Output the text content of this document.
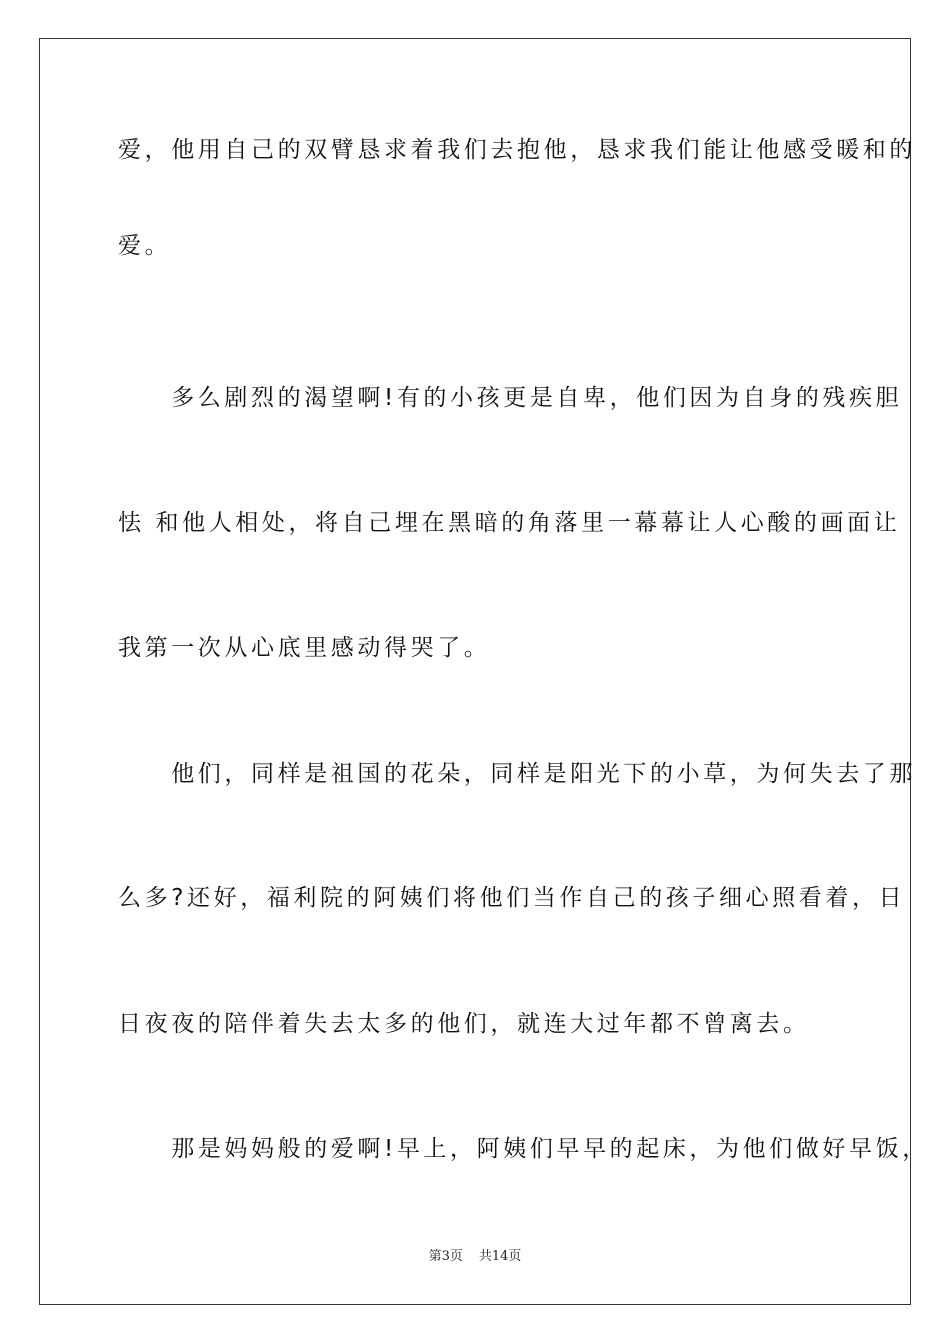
爱，他用自己的双臂恳求着我们去抱他，恳求我们能让他感受暖和的
爱。
　　多么剧烈的渴望啊!有的小孩更是自卑，他们因为自身的残疾胆
怯 和他人相处，将自己埋在黑暗的角落里一幕幕让人心酸的画面让
我第一次从心底里感动得哭了。
　　他们，同样是祖国的花朵，同样是阳光下的小草，为何失去了那
么多?还好，福利院的阿姨们将他们当作自己的孩子细心照看着，日
日夜夜的陪伴着失去太多的他们，就连大过年都不曾离去。
　　那是妈妈般的爱啊!早上，阿姨们早早的起床，为他们做好早饭，
第3页 共14页
